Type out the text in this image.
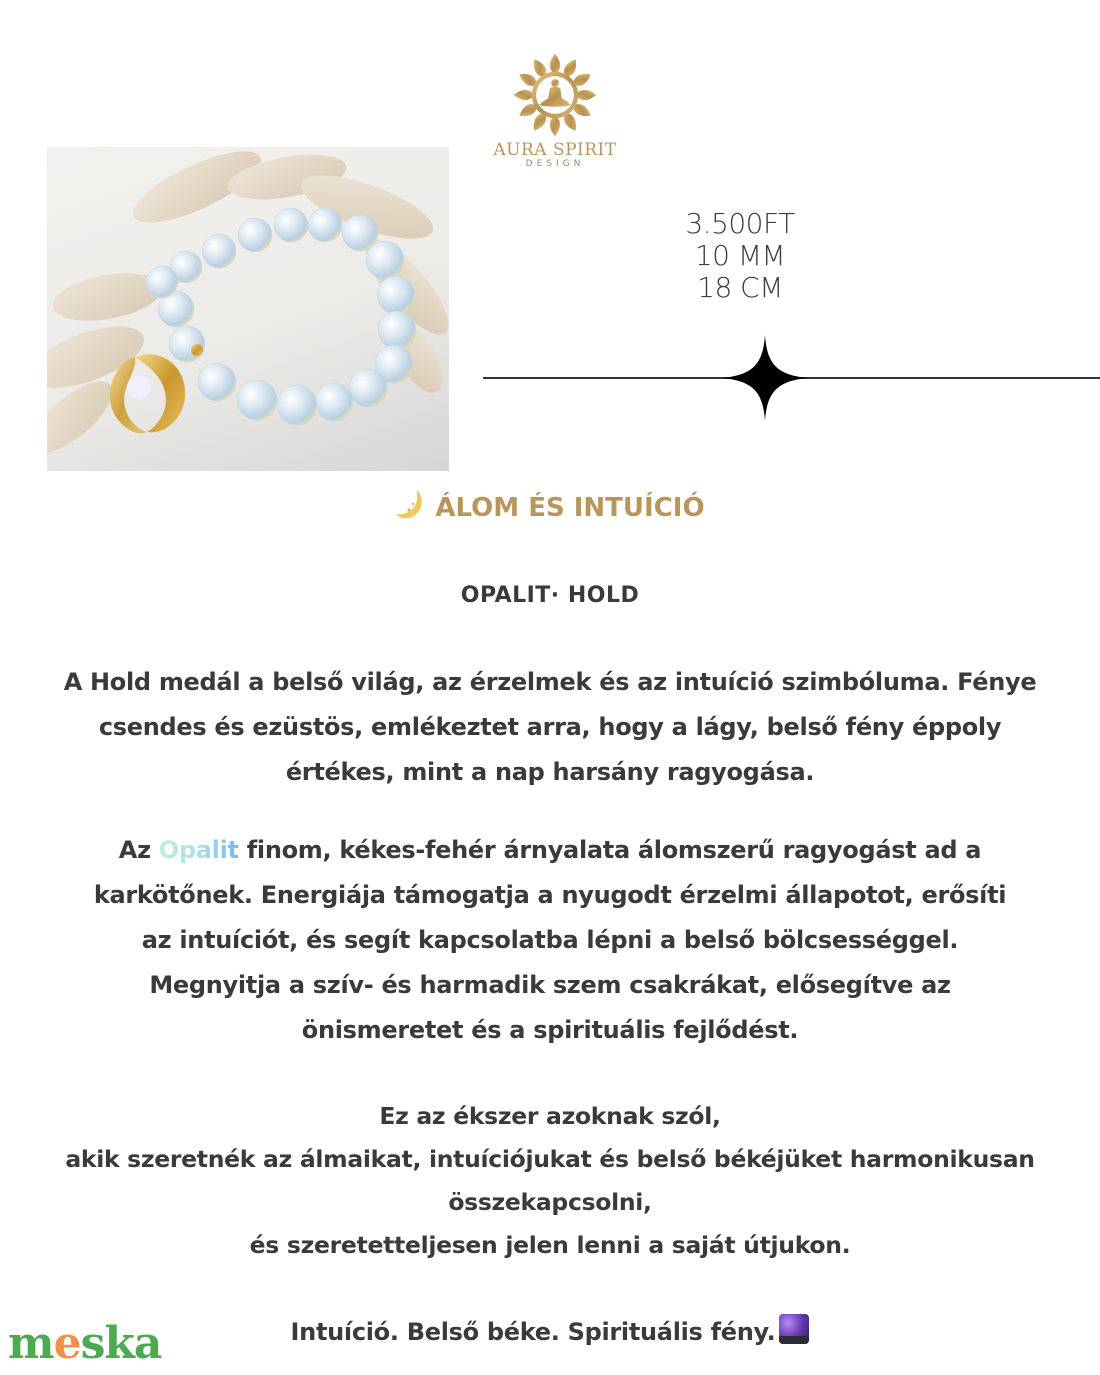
AURA SPIRIT
DESIGN
3.500FT
10 MM
18 CM
ÁLOM ÉS INTUÍCIÓ
OPALIT· HOLD
A Hold medál a belső világ, az érzelmek és az intuíció szimbóluma. Fénye
csendes és ezüstös, emlékeztet arra, hogy a lágy, belső fény éppoly
értékes, mint a nap harsány ragyogása.
Az Opalit finom, kékes-fehér árnyalata álomszerű ragyogást ad a
karkötőnek. Energiája támogatja a nyugodt érzelmi állapotot, erősíti
az intuíciót, és segít kapcsolatba lépni a belső bölcsességgel.
Megnyitja a szív- és harmadik szem csakrákat, elősegítve az
önismeretet és a spirituális fejlődést.
Ez az ékszer azoknak szól,
akik szeretnék az álmaikat, intuíciójukat és belső békéjüket harmonikusan
összekapcsolni,
és szeretetteljesen jelen lenni a saját útjukon.
Intuíció. Belső béke. Spirituális fény.
meska
